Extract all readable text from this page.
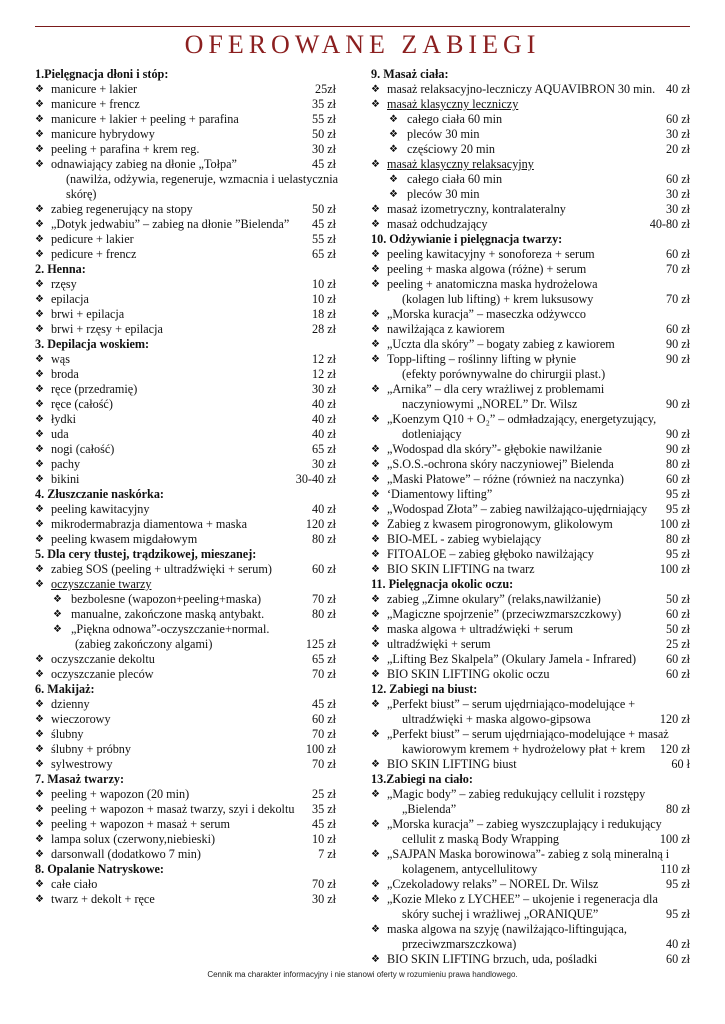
OFEROWANE ZABIEGI
1.Pielęgnacja dłoni i stóp:
❖ manicure + lakier	25zł
❖ manicure + frencz	35 zł
❖ manicure + lakier + peeling + parafina	55 zł
❖ manicure hybrydowy	50 zł
❖ peeling + parafina + krem reg.	30 zł
❖ odnawiający zabieg na dłonie „Tołpa”	45 zł
(nawilża, odżywia, regeneruje, wzmacnia i uelastycznia
skórę)
❖ zabieg regenerujący na stopy	50 zł
❖ „Dotyk jedwabiu” – zabieg na dłonie ”Bielenda” 45 zł
❖ pedicure + lakier	55 zł
❖ pedicure + frencz	65 zł
2. Henna:
❖ rzęsy	10 zł
❖ epilacja	10 zł
❖ brwi + epilacja	18 zł
❖ brwi + rzęsy + epilacja	28 zł
3. Depilacja woskiem:
❖ wąs	12 zł
❖ broda	12 zł
❖ ręce (przedramię)	30 zł
❖ ręce (całość)	40 zł
❖ łydki	40 zł
❖ uda	40 zł
❖ nogi (całość)	65 zł
❖ pachy	30 zł
❖ bikini	30-40 zł
4. Złuszczanie naskórka:
❖ peeling kawitacyjny	40 zł
❖ mikrodermabrazja diamentowa + maska	120 zł
❖ peeling kwasem migdałowym	80 zł
5. Dla cery tłustej, trądzikowej, mieszanej:
❖ zabieg SOS (peeling + ultradźwięki + serum)	60 zł
❖ oczyszczanie twarzy
❖ bezbolesne (wapozon+peeling+maska)	70 zł
❖ manualne, zakończone maską antybakt.	80 zł
❖ „Piękna odnowa”-oczyszczanie+normal.
(zabieg zakończony algami)	125 zł
❖ oczyszczanie dekoltu	65 zł
❖ oczyszczanie pleców	70 zł
6. Makijaż:
❖ dzienny	45 zł
❖ wieczorowy	60 zł
❖ ślubny	70 zł
❖ ślubny + próbny	100 zł
❖ sylwestrowy	70 zł
7. Masaż twarzy:
❖ peeling + wapozon (20 min)	25 zł
❖ peeling + wapozon + masaż twarzy, szyi i dekoltu 35 zł
❖ peeling + wapozon + masaż + serum	45 zł
❖ lampa solux (czerwony,niebieski)	10 zł
❖ darsonwall (dodatkowo 7 min)	7 zł
8. Opalanie Natryskowe:
❖ całe ciało	70 zł
❖ twarz + dekolt + ręce	30 zł
9. Masaż ciała:
❖ masaż relaksacyjno-leczniczy AQUAVIBRON 30 min. 40 zł
❖ masaż klasyczny leczniczy
❖ całego ciała 60 min	60 zł
❖ pleców 30 min	30 zł
❖ częściowy 20 min	20 zł
❖ masaż klasyczny relaksacyjny
❖ całego ciała 60 min	60 zł
❖ pleców 30 min	30 zł
❖ masaż izometryczny, kontralateralny	30 zł
❖ masaż odchudzający	40-80 zł
10. Odżywianie i pielęgnacja twarzy:
❖ peeling kawitacyjny + sonoforeza + serum	60 zł
❖ peeling + maska algowa (różne) + serum	70 zł
❖ peeling + anatomiczna maska hydrożelowa
(kolagen lub lifting) + krem luksusowy	70 zł
❖ „Morska kuracja” – maseczka odżywcco
❖ nawilżająca z kawiorem	60 zł
❖ „Uczta dla skóry” – bogaty zabieg z kawiorem	90 zł
❖ Topp-lifting – roślinny lifting w płynie	90 zł
(efekty porównywalne do chirurgii plast.)
❖ „Arnika” – dla cery wrażliwej z problemami
naczyniowymi „NOREL” Dr. Wilsz	90 zł
❖ „Koenzym Q10 + O₂” – odmładzający, energetyzujący,
dotleniający	90 zł
❖ „Wodospad dla skóry”- głębokie nawilżanie	90 zł
❖ „S.O.S.-ochrona skóry naczyniowej” Bielenda	80 zł
❖ „Maski Płatowe” – różne (również na naczynka)	60 zł
❖ ‘Diamentowy lifting”	95 zł
❖ „Wodospad Złota” – zabieg nawilżająco-ujędrniający 95 zł
❖ Zabieg z kwasem pirogronowym, glikolowym	100 zł
❖ BIO-MEL - zabieg wybielający	80 zł
❖ FITOALOE – zabieg głęboko nawilżający	95 zł
❖ BIO SKIN LIFTING na twarz	100 zł
11. Pielęgnacja okolic oczu:
❖ zabieg „Zimne okulary” (relaks,nawilżanie)	50 zł
❖ „Magiczne spojrzenie” (przeciwzmarszczkowy)	60 zł
❖ maska algowa + ultradźwięki + serum	50 zł
❖ ultradźwięki + serum	25 zł
❖ „Lifting Bez Skalpela” (Okulary Jamela - Infrared) 60 zł
❖ BIO SKIN LIFTING okolic oczu	60 zł
12. Zabiegi na biust:
❖ „Perfekt biust” – serum ujędrniająco-modelujące +
ultradźwięki + maska algowo-gipsowa	120 zł
❖ „Perfekt biust” – serum ujędrniająco-modelujące + masaż
kawiorowym kremem + hydrożelowy płat + krem 120 zł
❖ BIO SKIN LIFTING biust	60 ł
13.Zabiegi na ciało:
❖ „Magic body” – zabieg redukujący cellulit i rozstępy
„Bielenda”	80 zł
❖ „Morska kuracja” – zabieg wyszczuplający i redukujący
cellulit z maską Body Wrapping	100 zł
❖ „SAJPAN Maska borowinowa”- zabieg z solą mineralną i
kolagenem, antycellulitowy	110 zł
❖ „Czekoladowy relaks” – NOREL Dr. Wilsz	95 zł
❖ „Kozie Mleko z LYCHEE” – ukojenie i regeneracja dla
skóry suchej i wrażliwej „ORANIQUE”	95 zł
❖ maska algowa na szyję (nawilżająco-liftingująca,
przeciwzmarszczkowa)	40 zł
❖ BIO SKIN LIFTING brzuch, uda, pośladki	60 zł
Cennik ma charakter informacyjny i nie stanowi oferty w rozumieniu prawa handlowego.
